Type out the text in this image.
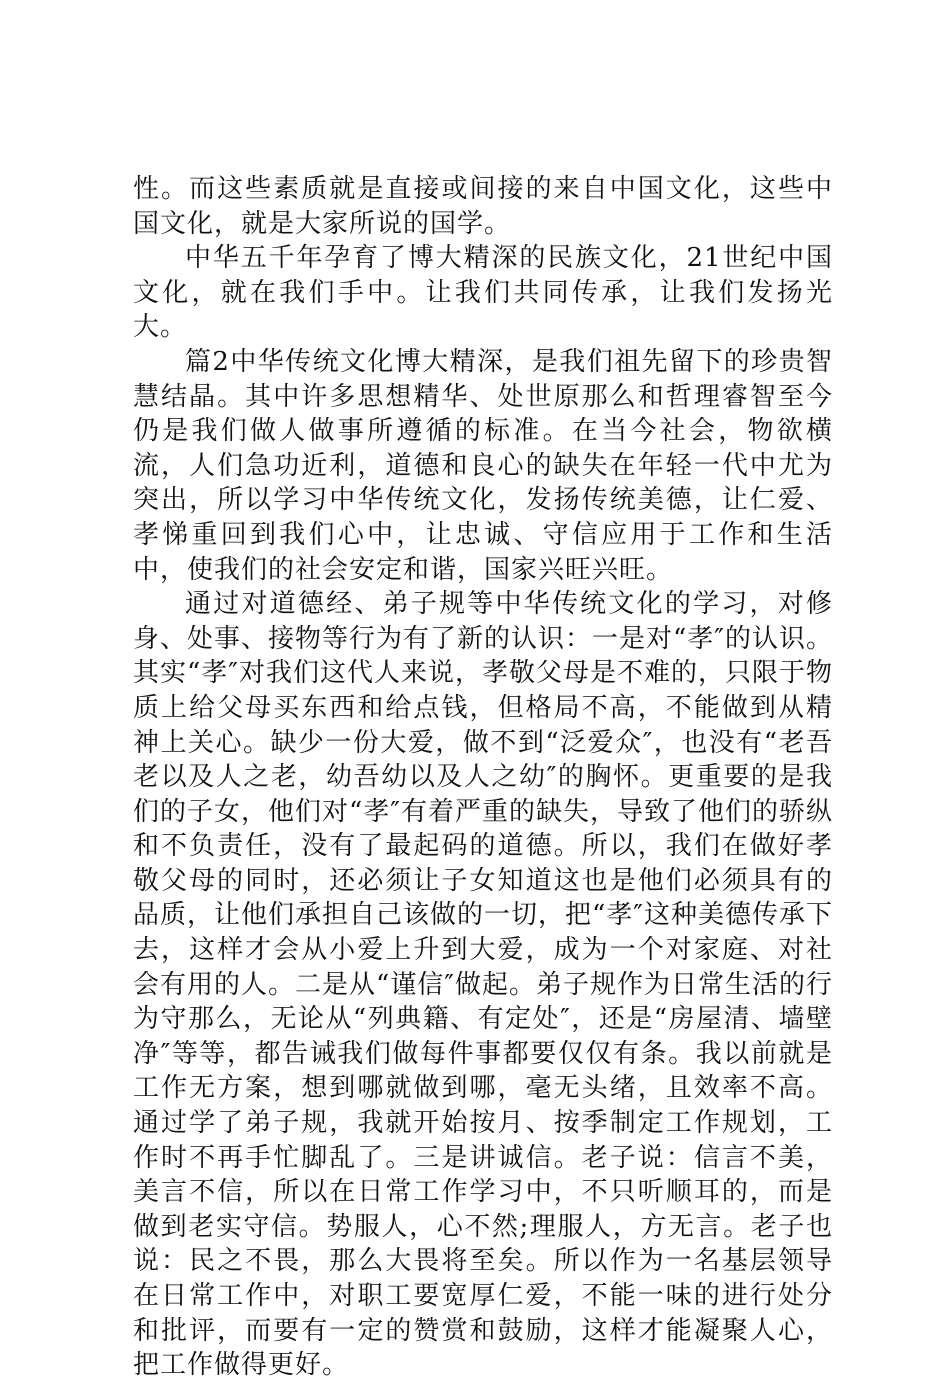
性。而这些素质就是直接或间接的来自中国文化，这些中国文化，就是大家所说的国学。

中华五千年孕育了博大精深的民族文化，21世纪中国文化，就在我们手中。让我们共同传承，让我们发扬光大。

篇2中华传统文化博大精深，是我们祖先留下的珍贵智慧结晶。其中许多思想精华、处世原那么和哲理睿智至今仍是我们做人做事所遵循的标准。在当今社会，物欲横流，人们急功近利，道德和良心的缺失在年轻一代中尤为突出，所以学习中华传统文化，发扬传统美德，让仁爱、孝悌重回到我们心中，让忠诚、守信应用于工作和生活中，使我们的社会安定和谐，国家兴旺兴旺。

通过对道德经、弟子规等中华传统文化的学习，对修身、处事、接物等行为有了新的认识：一是对“孝″的认识。其实“孝″对我们这代人来说，孝敬父母是不难的，只限于物质上给父母买东西和给点钱，但格局不高，不能做到从精神上关心。缺少一份大爱，做不到“泛爱众″，也没有“老吾老以及人之老，幼吾幼以及人之幼″的胸怀。更重要的是我们的子女，他们对“孝″有着严重的缺失，导致了他们的骄纵和不负责任，没有了最起码的道德。所以，我们在做好孝敬父母的同时，还必须让子女知道这也是他们必须具有的品质，让他们承担自己该做的一切，把“孝″这种美德传承下去，这样才会从小爱上升到大爱，成为一个对家庭、对社会有用的人。二是从“谨信″做起。弟子规作为日常生活的行为守那么，无论从“列典籍、有定处″，还是“房屋清、墙壁净″等等，都告诫我们做每件事都要仅仅有条。我以前就是工作无方案，想到哪就做到哪，毫无头绪，且效率不高。通过学了弟子规，我就开始按月、按季制定工作规划，工作时不再手忙脚乱了。三是讲诚信。老子说：信言不美，美言不信，所以在日常工作学习中，不只听顺耳的，而是做到老实守信。势服人，心不然;理服人，方无言。老子也说：民之不畏，那么大畏将至矣。所以作为一名基层领导在日常工作中，对职工要宽厚仁爱，不能一味的进行处分和批评，而要有一定的赞赏和鼓励，这样才能凝聚人心，把工作做得更好。
